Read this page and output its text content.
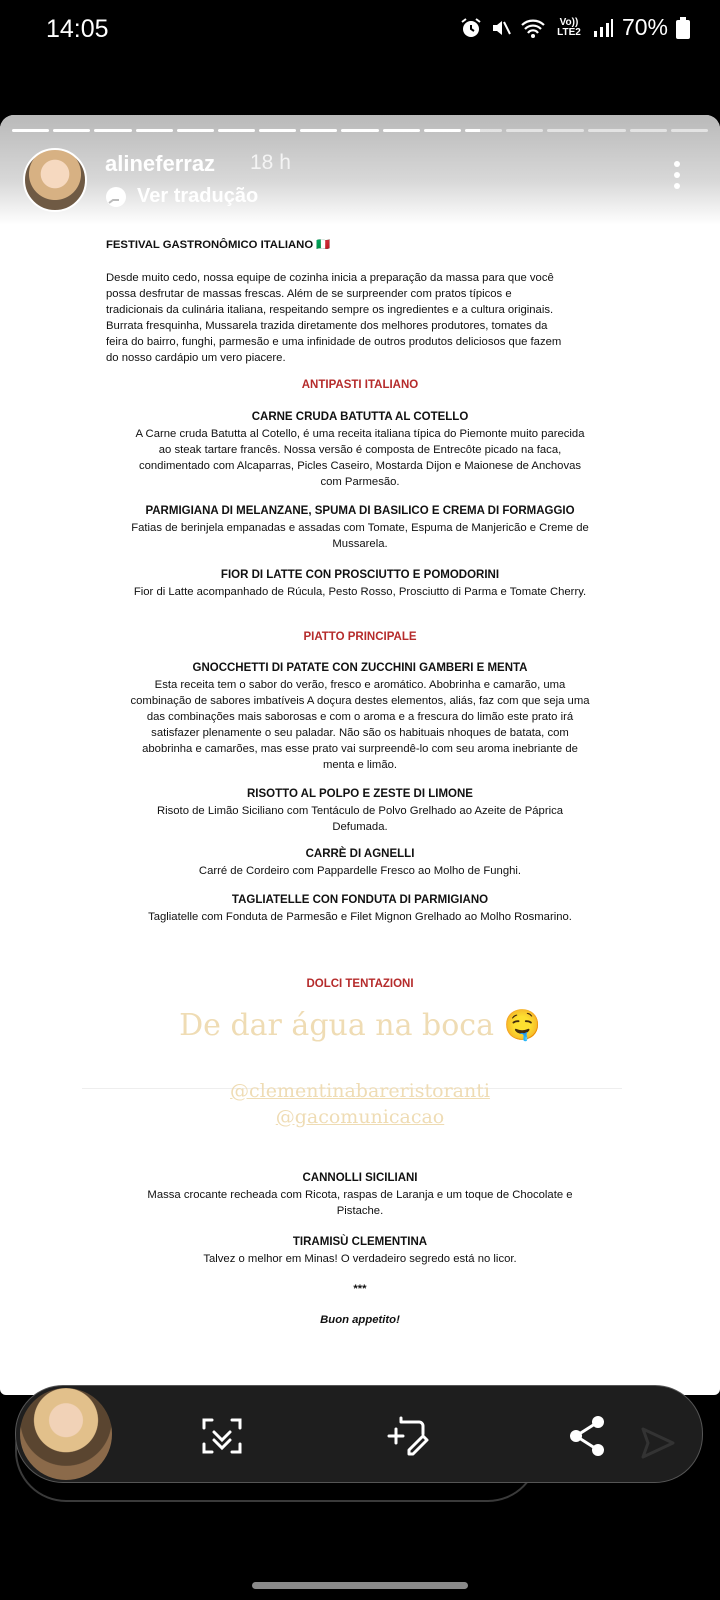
14:05	Vo)) LTE2 70%
FESTIVAL GASTRONÔMICO ITALIANO 🇮🇹
Desde muito cedo, nossa equipe de cozinha inicia a preparação da massa para que você
possa desfrutar de massas frescas. Além de se surpreender com pratos típicos e
tradicionais da culinária italiana, respeitando sempre os ingredientes e a cultura originais.
Burrata fresquinha, Mussarela trazida diretamente dos melhores produtores, tomates da
feira do bairro, funghi, parmesão e uma infinidade de outros produtos deliciosos que fazem
do nosso cardápio um vero piacere.
ANTIPASTI ITALIANO
CARNE CRUDA BATUTTA AL COTELLO
A Carne cruda Batutta al Cotello, é uma receita italiana típica do Piemonte muito parecida
ao steak tartare francês. Nossa versão é composta de Entrecôte picado na faca,
condimentado com Alcaparras, Picles Caseiro, Mostarda Dijon e Maionese de Anchovas
com Parmesão.
PARMIGIANA DI MELANZANE, SPUMA DI BASILICO E CREMA DI FORMAGGIO
Fatias de berinjela empanadas e assadas com Tomate, Espuma de Manjericão e Creme de
Mussarela.
FIOR DI LATTE CON PROSCIUTTO E POMODORINI
Fior di Latte acompanhado de Rúcula, Pesto Rosso, Prosciutto di Parma e Tomate Cherry.
PIATTO PRINCIPALE
GNOCCHETTI DI PATATE CON ZUCCHINI GAMBERI E MENTA
Esta receita tem o sabor do verão, fresco e aromático. Abobrinha e camarão, uma
combinação de sabores imbatíveis A doçura destes elementos, aliás, faz com que seja uma
das combinações mais saborosas e com o aroma e a frescura do limão este prato irá
satisfazer plenamente o seu paladar. Não são os habituais nhoques de batata, com
abobrinha e camarões, mas esse prato vai surpreendê-lo com seu aroma inebriante de
menta e limão.
RISOTTO AL POLPO E ZESTE DI LIMONE
Risoto de Limão Siciliano com Tentáculo de Polvo Grelhado ao Azeite de Páprica
Defumada.
CARRÈ DI AGNELLI
Carré de Cordeiro com Pappardelle Fresco ao Molho de Funghi.
TAGLIATELLE CON FONDUTA DI PARMIGIANO
Tagliatelle com Fonduta de Parmesão e Filet Mignon Grelhado ao Molho Rosmarino.
DOLCI TENTAZIONI
De dar água na boca 🤤
@clementinabareristoranti
@gacomunicacao
CANNOLLI SICILIANI
Massa crocante recheada com Ricota, raspas de Laranja e um toque de Chocolate e
Pistache.
TIRAMISÙ CLEMENTINA
Talvez o melhor em Minas! O verdadeiro segredo está no licor.
***
Buon appetito!
alineferraz 18 h
Ver tradução
